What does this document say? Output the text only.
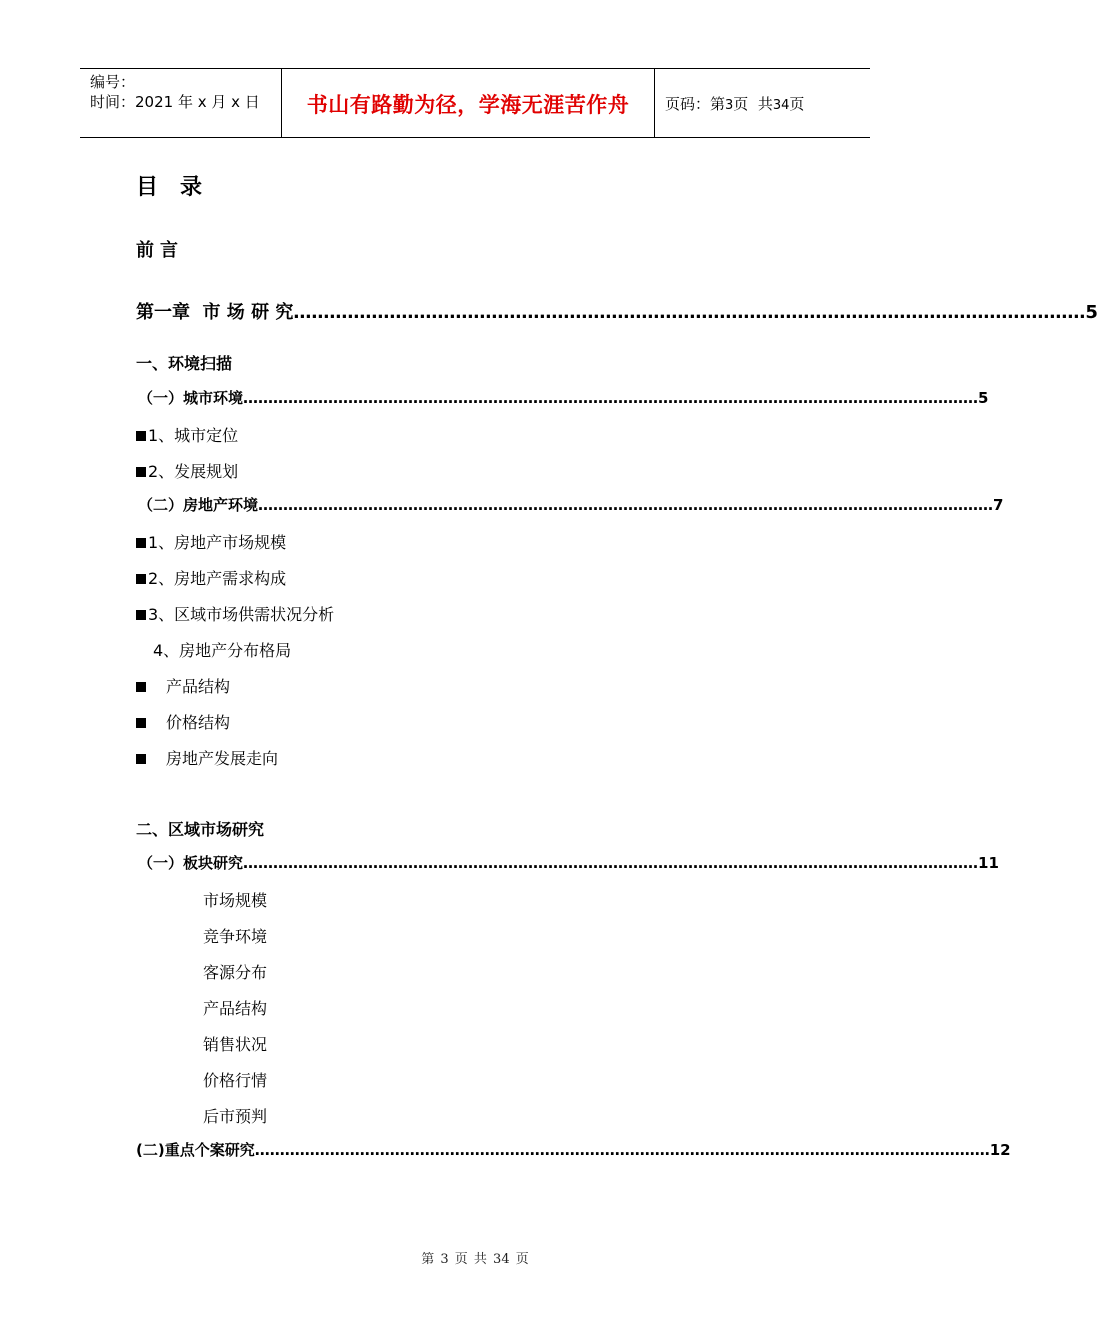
编号：
时间：2021 年 x 月 x 日	书山有路勤为径，学海无涯苦作舟	页码：第3页  共34页
目录
前言
第一章  市 场 研 究 …………………………………………………………………………………………………………………… 5
一、环境扫描
（一）城市环境 ………………………………………………………………………………………………………………………………… 5
1、城市定位
2、发展规划
（二）房地产环境 ………………………………………………………………………………………………………………………………… 7
1、房地产市场规模
2、房地产需求构成
3、区域市场供需状况分析
4、房地产分布格局
产品结构
价格结构
房地产发展走向
二、区域市场研究
（一）板块研究 ………………………………………………………………………………………………………………………………… 11
市场规模
竞争环境
客源分布
产品结构
销售状况
价格行情
后市预判
(二)重点个案研究 ………………………………………………………………………………………………………………………………… 12
第 3 页 共 34 页
